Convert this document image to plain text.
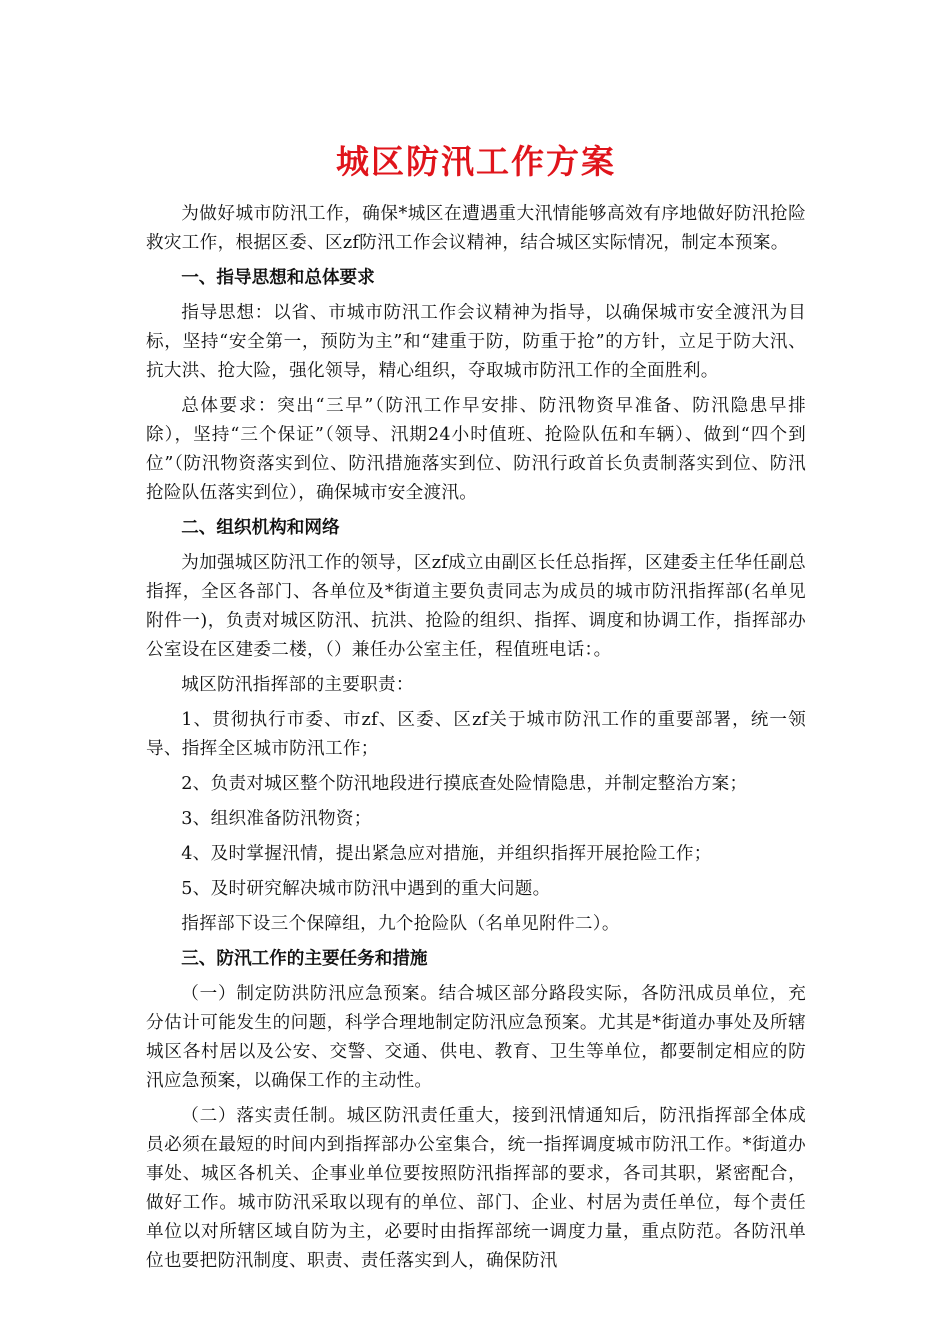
城区防汛工作方案
为做好城市防汛工作，确保*城区在遭遇重大汛情能够高效有序地做好防汛抢险救灾工作，根据区委、区zf防汛工作会议精神，结合城区实际情况，制定本预案。
一、指导思想和总体要求
指导思想：以省、市城市防汛工作会议精神为指导，以确保城市安全渡汛为目标，坚持“安全第一，预防为主”和“建重于防，防重于抢”的方针，立足于防大汛、抗大洪、抢大险，强化领导，精心组织，夺取城市防汛工作的全面胜利。
总体要求：突出“三早”（防汛工作早安排、防汛物资早准备、防汛隐患早排除），坚持“三个保证”（领导、汛期24小时值班、抢险队伍和车辆）、做到“四个到位”（防汛物资落实到位、防汛措施落实到位、防汛行政首长负责制落实到位、防汛抢险队伍落实到位），确保城市安全渡汛。
二、组织机构和网络
为加强城区防汛工作的领导，区zf成立由副区长任总指挥，区建委主任华任副总指挥，全区各部门、各单位及*街道主要负责同志为成员的城市防汛指挥部(名单见附件一)，负责对城区防汛、抗洪、抢险的组织、指挥、调度和协调工作，指挥部办公室设在区建委二楼，（）兼任办公室主任，程值班电话：。
城区防汛指挥部的主要职责：
1、贯彻执行市委、市zf、区委、区zf关于城市防汛工作的重要部署，统一领导、指挥全区城市防汛工作；
2、负责对城区整个防汛地段进行摸底查处险情隐患，并制定整治方案；
3、组织准备防汛物资；
4、及时掌握汛情，提出紧急应对措施，并组织指挥开展抢险工作；
5、及时研究解决城市防汛中遇到的重大问题。
指挥部下设三个保障组，九个抢险队（名单见附件二）。
三、防汛工作的主要任务和措施
（一）制定防洪防汛应急预案。结合城区部分路段实际，各防汛成员单位，充分估计可能发生的问题，科学合理地制定防汛应急预案。尤其是*街道办事处及所辖城区各村居以及公安、交警、交通、供电、教育、卫生等单位，都要制定相应的防汛应急预案，以确保工作的主动性。
（二）落实责任制。城区防汛责任重大，接到汛情通知后，防汛指挥部全体成员必须在最短的时间内到指挥部办公室集合，统一指挥调度城市防汛工作。*街道办事处、城区各机关、企事业单位要按照防汛指挥部的要求，各司其职，紧密配合，做好工作。城市防汛采取以现有的单位、部门、企业、村居为责任单位，每个责任单位以对所辖区域自防为主，必要时由指挥部统一调度力量，重点防范。各防汛单位也要把防汛制度、职责、责任落实到人，确保防汛
